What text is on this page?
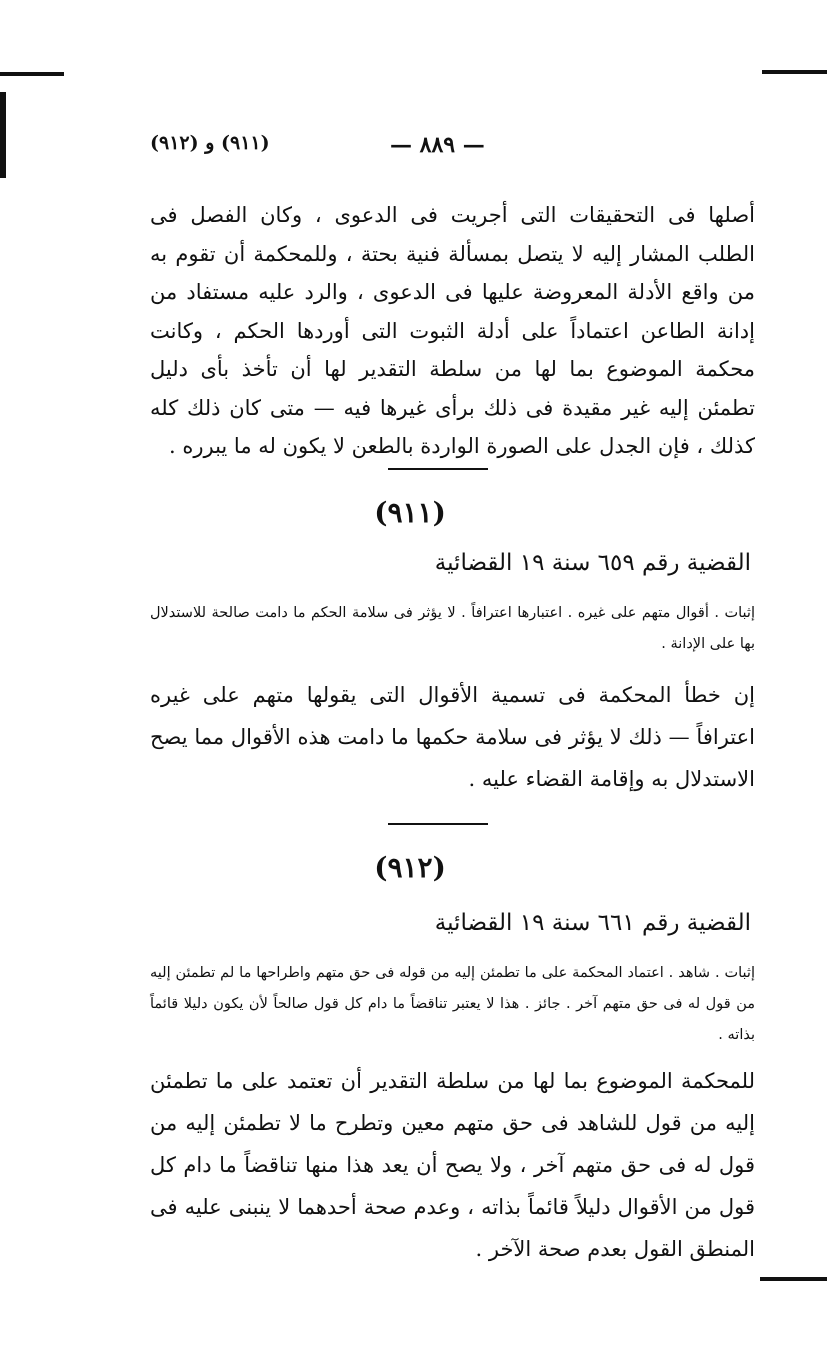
(٩١١) و (٩١٢)	— ٨٨٩ —
أصلها فى التحقيقات التى أجريت فى الدعوى ، وكان الفصل فى الطلب المشار إليه لا يتصل بمسألة فنية بحتة ، وللمحكمة أن تقوم به من واقع الأدلة المعروضة عليها فى الدعوى ، والرد عليه مستفاد من إدانة الطاعن اعتماداً على أدلة الثبوت التى أوردها الحكم ، وكانت محكمة الموضوع بما لها من سلطة التقدير لها أن تأخذ بأى دليل تطمئن إليه غير مقيدة فى ذلك برأى غيرها فيه — متى كان ذلك كله كذلك ، فإن الجدل على الصورة الواردة بالطعن لا يكون له ما يبرره .
(٩١١)
القضية رقم ٦٥٩ سنة ١٩ القضائية
إثبات . أقوال متهم على غيره . اعتبارها اعترافاً . لا يؤثر فى سلامة الحكم ما دامت صالحة للاستدلال بها على الإدانة .
إن خطأ المحكمة فى تسمية الأقوال التى يقولها متهم على غيره اعترافاً — ذلك لا يؤثر فى سلامة حكمها ما دامت هذه الأقوال مما يصح الاستدلال به وإقامة القضاء عليه .
(٩١٢)
القضية رقم ٦٦١ سنة ١٩ القضائية
إثبات . شاهد . اعتماد المحكمة على ما تطمئن إليه من قوله فى حق متهم واطراحها ما لم تطمئن إليه من قول له فى حق متهم آخر . جائز . هذا لا يعتبر تناقضاً ما دام كل قول صالحاً لأن يكون دليلا قائماً بذاته .
للمحكمة الموضوع بما لها من سلطة التقدير أن تعتمد على ما تطمئن إليه من قول للشاهد فى حق متهم معين وتطرح ما لا تطمئن إليه من قول له فى حق متهم آخر ، ولا يصح أن يعد هذا منها تناقضاً ما دام كل قول من الأقوال دليلاً قائماً بذاته ، وعدم صحة أحدهما لا ينبنى عليه فى المنطق القول بعدم صحة الآخر .
